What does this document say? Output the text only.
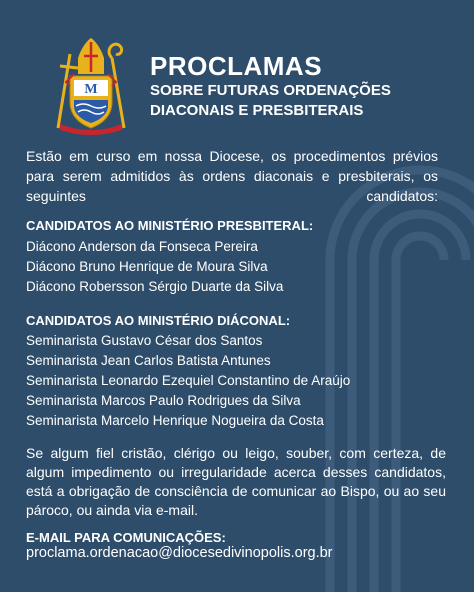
M
PROCLAMAS
SOBRE FUTURAS ORDENAÇÕES
DIACONAIS E PRESBITERAIS
Estão em curso em nossa Diocese, os procedimentos prévios para serem admitidos às ordens diaconais e presbiterais, os seguintes candidatos:
CANDIDATOS AO MINISTÉRIO PRESBITERAL:
Diácono Anderson da Fonseca Pereira
Diácono Bruno Henrique de Moura Silva
Diácono Robersson Sérgio Duarte da Silva
CANDIDATOS AO MINISTÉRIO DIÁCONAL:
Seminarista Gustavo César dos Santos
Seminarista Jean Carlos Batista Antunes
Seminarista Leonardo Ezequiel Constantino de Araújo
Seminarista Marcos Paulo Rodrigues da Silva
Seminarista Marcelo Henrique Nogueira da Costa
Se algum fiel cristão, clérigo ou leigo, souber, com certeza, de algum impedimento ou irregularidade acerca desses candidatos, está a obrigação de consciência de comunicar ao Bispo, ou ao seu pároco, ou ainda via e-mail.
E-MAIL PARA COMUNICAÇÕES:
proclama.ordenacao@diocesedivinopolis.org.br
